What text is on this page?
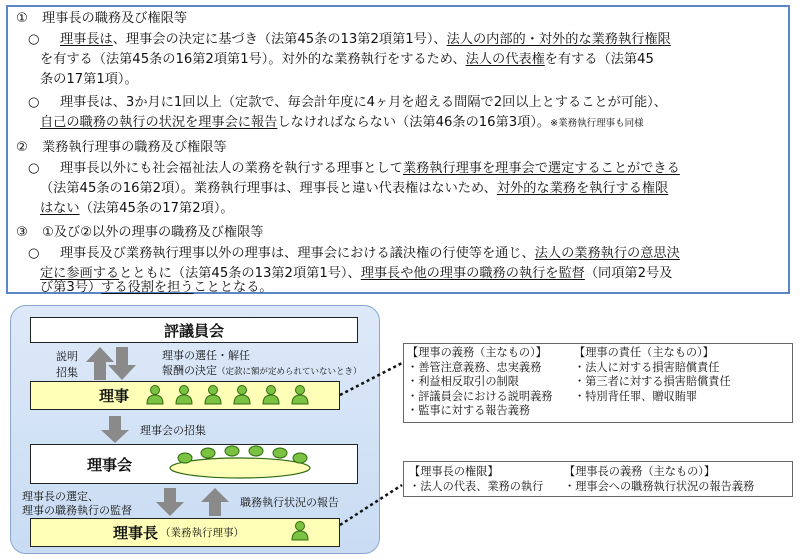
① 理事長の職務及び権限等
○ 理事長は、理事会の決定に基づき（法第45条の13第2項第1号）、法人の内部的・対外的な業務執行権限
を有する（法第45条の16第2項第1号）。対外的な業務執行をするため、法人の代表権を有する（法第45
条の17第1項）。
○ 理事長は、3か月に1回以上（定款で、毎会計年度に4ヶ月を超える間隔で2回以上とすることが可能）、
自己の職務の執行の状況を理事会に報告しなければならない（法第46条の16第3項）。※業務執行理事も同様
② 業務執行理事の職務及び権限等
○ 理事長以外にも社会福祉法人の業務を執行する理事として業務執行理事を理事会で選定することができる
（法第45条の16第2項）。業務執行理事は、理事長と違い代表権はないため、対外的な業務を執行する権限
はない（法第45条の17第2項）。
③ ①及び②以外の理事の職務及び権限等
○ 理事長及び業務執行理事以外の理事は、理事会における議決権の行使等を通じ、法人の業務執行の意思決
定に参画するとともに（法第45条の13第2項第1号）、理事長や他の理事の職務の執行を監督（同項第2号及
び第3号）する役割を担うこととなる。
評議員会
説明
招集
理事の選任・解任
報酬の決定（定款に額が定められていないとき）
理事
理事会の招集
理事会
理事長の選定、
理事の職務執行の監督
職務執行状況の報告
理事長 （業務執行理事）
【理事の義務（主なもの）】
・善管注意義務、忠実義務
・利益相反取引の制限
・評議員会における説明義務
・監事に対する報告義務
【理事の責任（主なもの）】
・法人に対する損害賠償責任
・第三者に対する損害賠償責任
・特別背任罪、贈収賄罪
【理事長の権限】
・法人の代表、業務の執行
【理事長の義務（主なもの）】
・理事会への職務執行状況の報告義務
